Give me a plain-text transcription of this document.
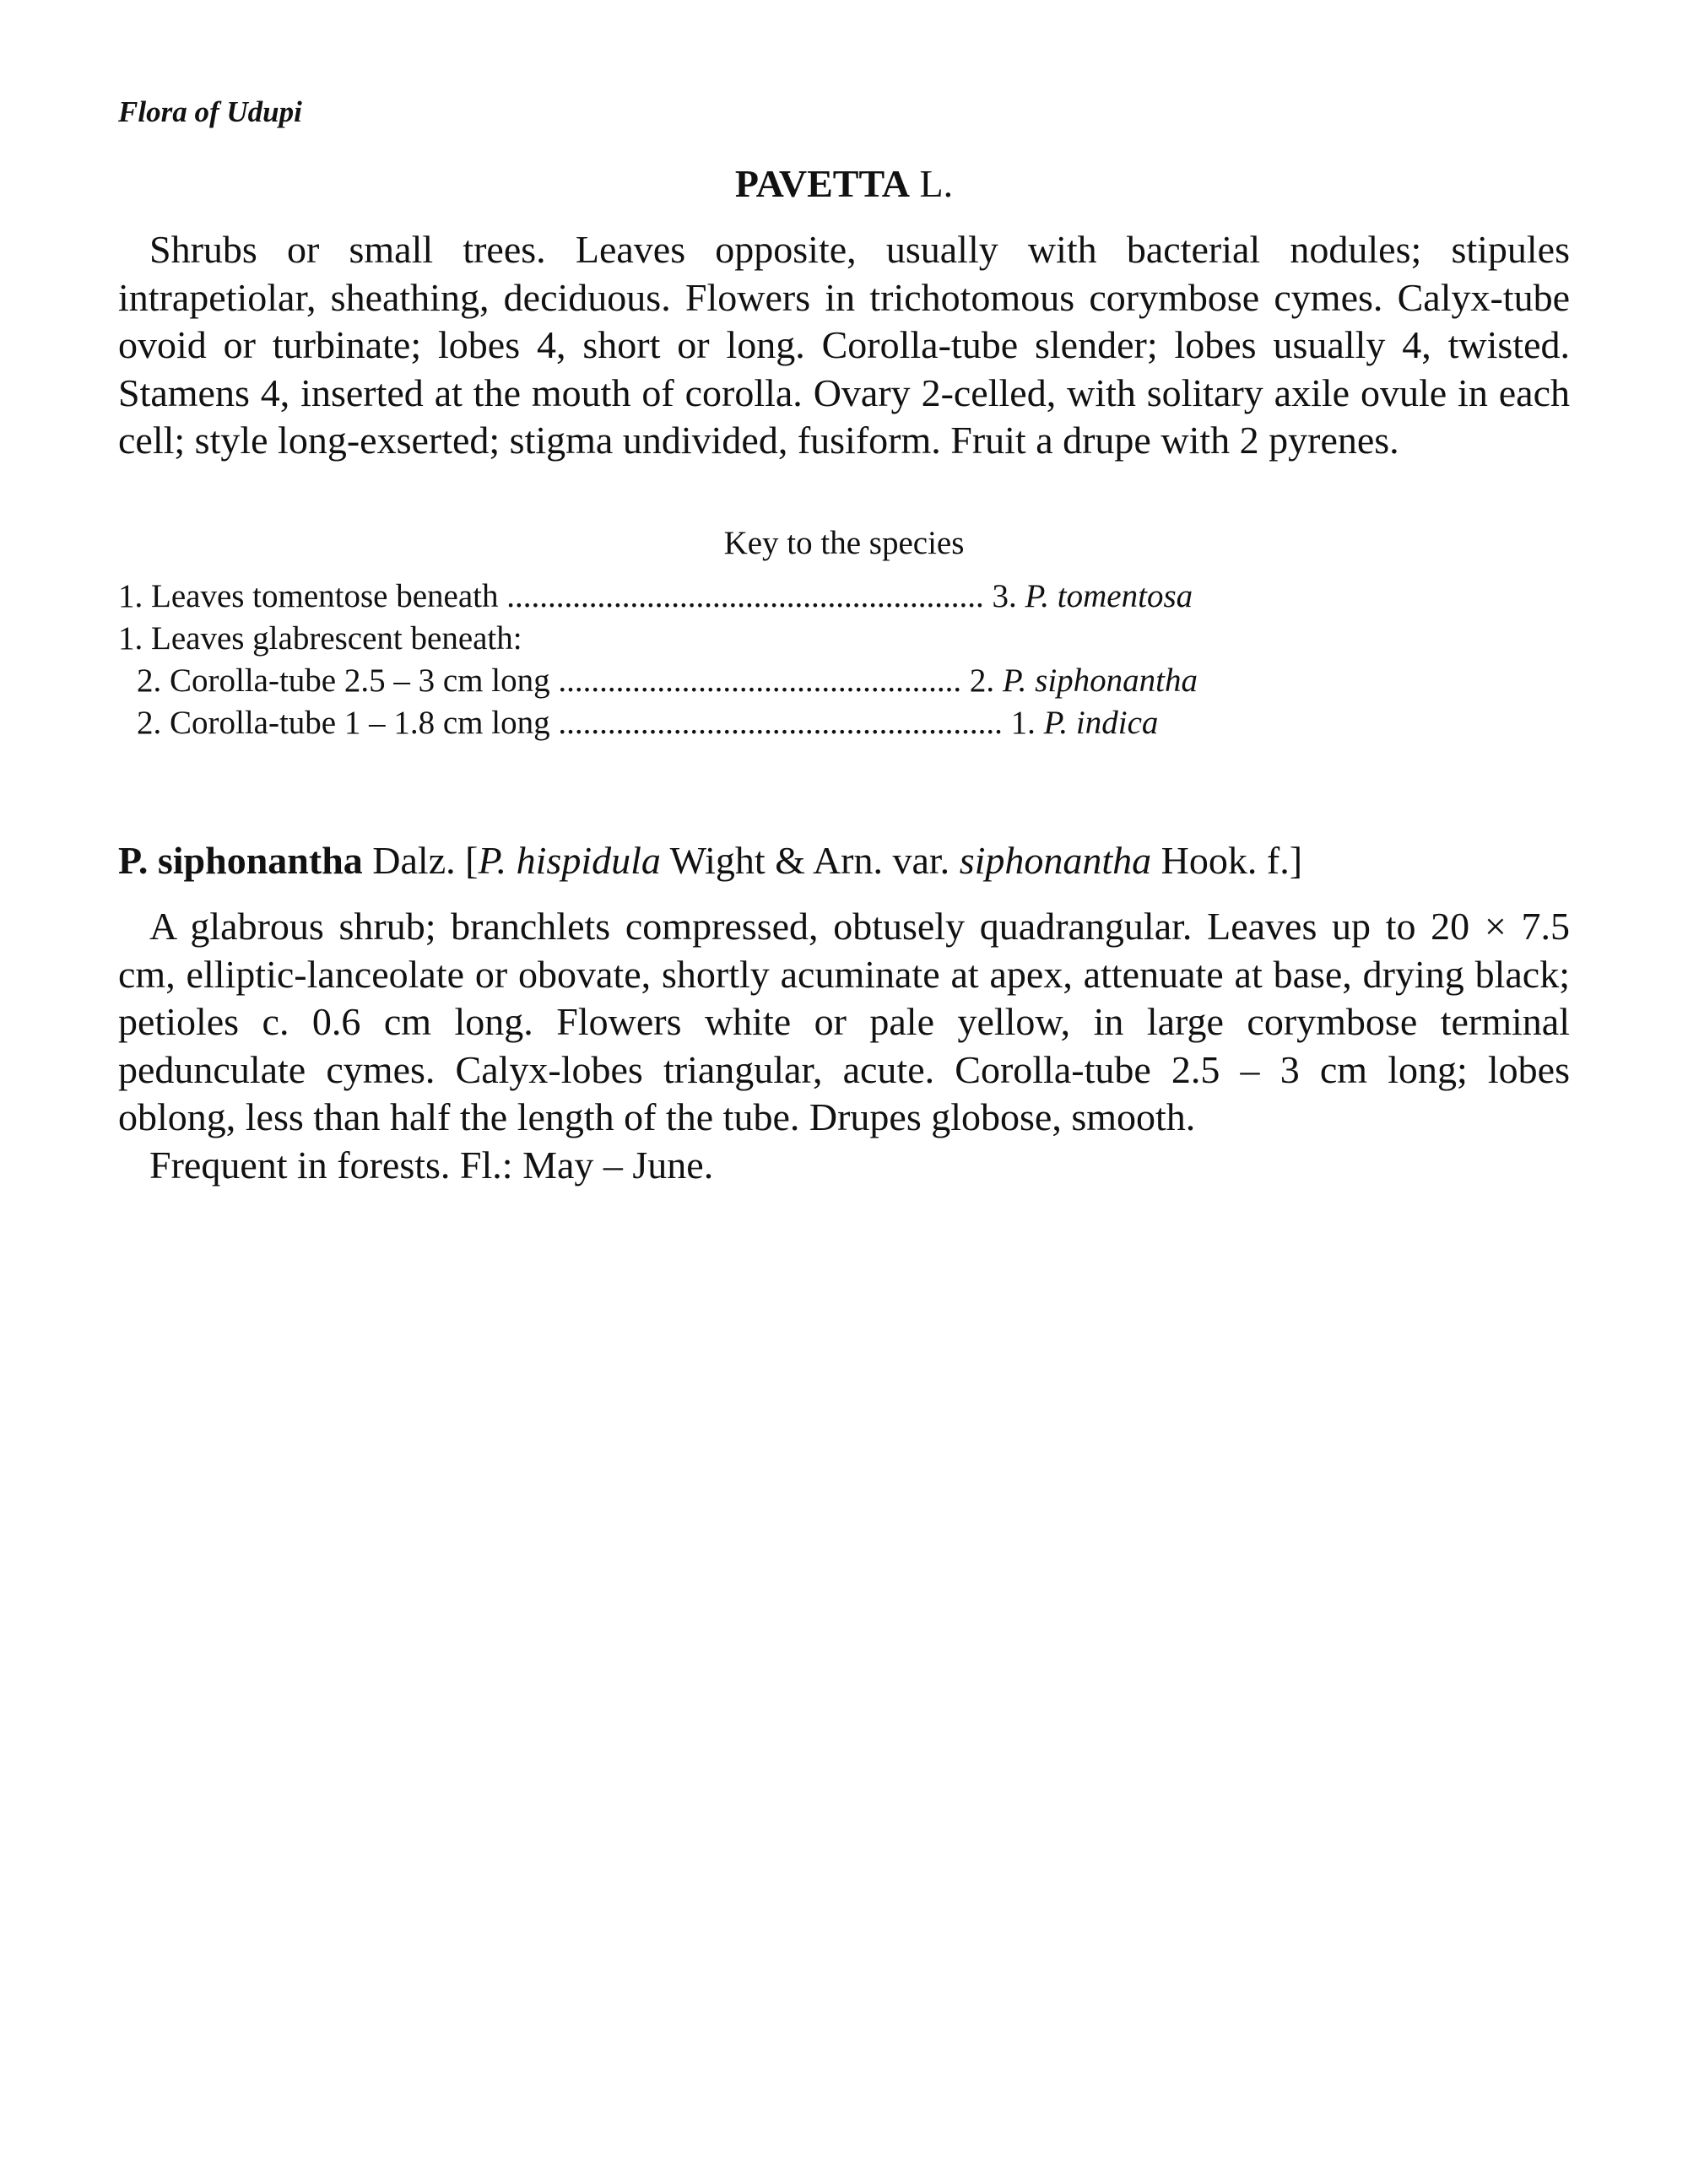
Flora of Udupi
PAVETTA L.

Shrubs or small trees. Leaves opposite, usually with bacterial nodules; stipules intrapetiolar, sheathing, deciduous. Flowers in trichotomous corymbose cymes. Calyx-tube ovoid or turbinate; lobes 4, short or long. Corolla-tube slender; lobes usually 4, twisted. Stamens 4, inserted at the mouth of corolla. Ovary 2-celled, with solitary axile ovule in each cell; style long-exserted; stigma undivided, fusiform. Fruit a drupe with 2 pyrenes.

Key to the species
1. Leaves tomentose beneath .......................................................... 3. P. tomentosa
1. Leaves glabrescent beneath:
2. Corolla-tube 2.5 – 3 cm long ................................................. 2. P. siphonantha
2. Corolla-tube 1 – 1.8 cm long ...................................................... 1. P. indica
P. siphonantha Dalz. [P. hispidula Wight & Arn. var. siphonantha Hook. f.]

A glabrous shrub; branchlets compressed, obtusely quadrangular. Leaves up to 20 × 7.5 cm, elliptic-lanceolate or obovate, shortly acuminate at apex, attenuate at base, drying black; petioles c. 0.6 cm long. Flowers white or pale yellow, in large corymbose terminal pedunculate cymes. Calyx-lobes triangular, acute. Corolla-tube 2.5 – 3 cm long; lobes oblong, less than half the length of the tube. Drupes globose, smooth.

Frequent in forests. Fl.: May – June.
